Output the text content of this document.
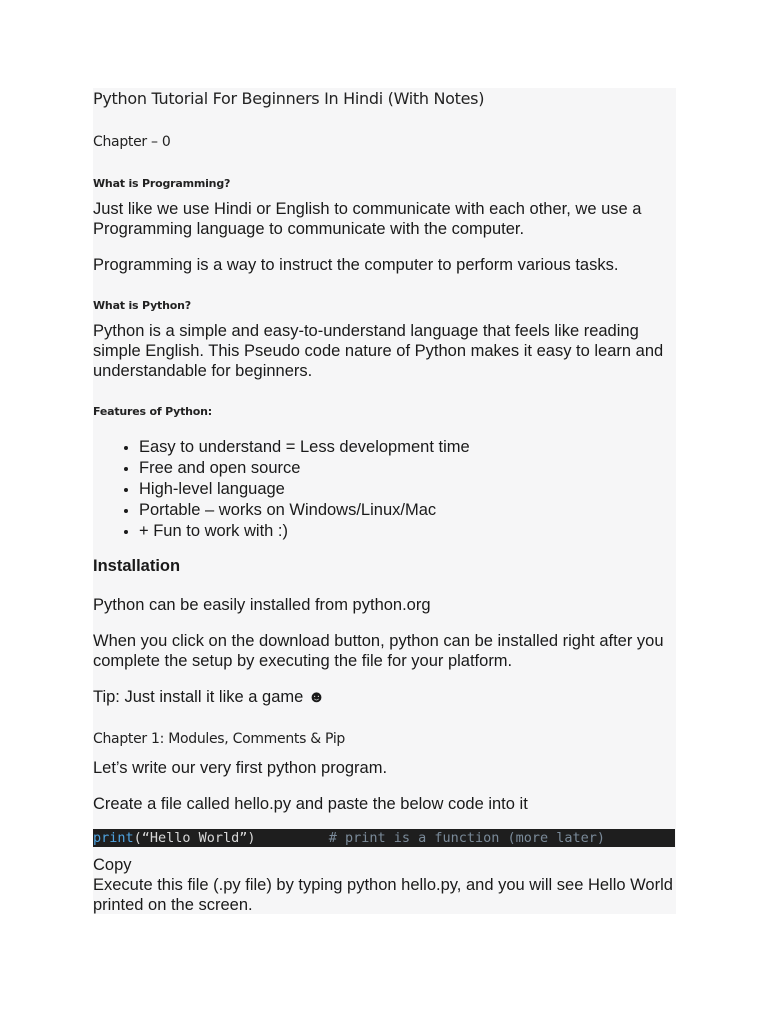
Python Tutorial For Beginners In Hindi (With Notes)
Chapter – 0
What is Programming?

Just like we use Hindi or English to communicate with each other, we use a Programming language to communicate with the computer.

Programming is a way to instruct the computer to perform various tasks.

What is Python?

Python is a simple and easy-to-understand language that feels like reading simple English. This Pseudo code nature of Python makes it easy to learn and understandable for beginners.

Features of Python:
• Easy to understand = Less development time
• Free and open source
• High-level language
• Portable – works on Windows/Linux/Mac
• + Fun to work with :)
Installation

Python can be easily installed from python.org

When you click on the download button, python can be installed right after you complete the setup by executing the file for your platform.

Tip: Just install it like a game ☻

Chapter 1: Modules, Comments & Pip

Let’s write our very first python program.

Create a file called hello.py and paste the below code into it

print(“Hello World”)	# print is a function (more later)
Copy

Execute this file (.py file) by typing python hello.py, and you will see Hello World printed on the screen.
